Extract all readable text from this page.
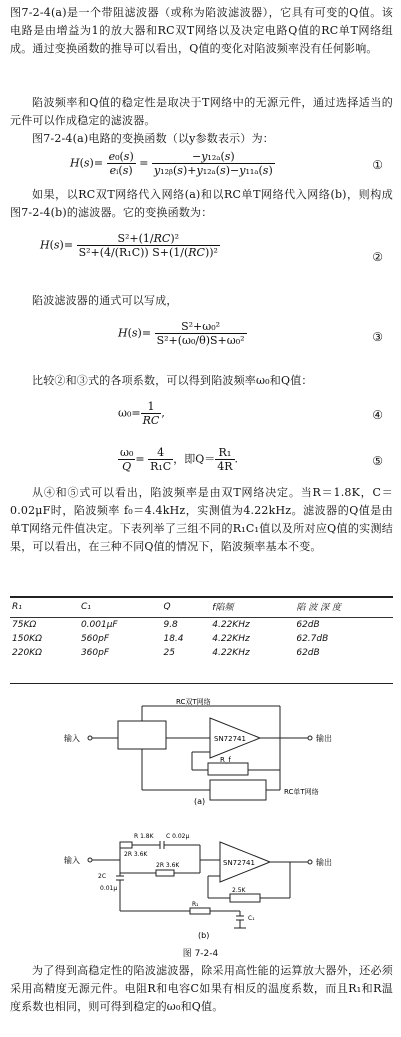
图7-2-4(a)是一个带阻滤波器（或称为陷波滤波器），它具有可变的Q值。该电路是由增益为1的放大器和RC双T网络以及决定电路Q值的RC单T网络组成。通过变换函数的推导可以看出，Q值的变化对陷波频率没有任何影响。
陷波频率和Q值的稳定性是取决于T网络中的无源元件，通过选择适当的元件可以作成稳定的滤波器。
图7-2-4(a)电路的变换函数（以y参数表示）为：
$H(s)= \frac{\text{e₀(s)}}{\text{eᵢ(s)}} = \frac{\text{−y₁₂ₐ(s)}}{\text{y₁₂ᵦ(s)+y₁₂ₐ(s)−y₁₁ₐ(s)}}$	①
如果，以RC双T网络代入网络(a)和以RC单T网络代入网络(b)，则构成图7-2-4(b)的滤波器。它的变换函数为：
$H(s)= \frac{\text{S²+(1/RC)²}}{\text{S²+(4/(R₁C)) S+(1/(RC))²}}$	②
陷波滤波器的通式可以写成，
$H(s)= \frac{\text{S²+ω₀²}}{\text{S²+(ω₀/θ)S+ω₀²}}$	③
比较②和③式的各项系数，可以得到陷波频率ω₀和Q值：
$\omega_0= \frac{1}{RC}$ ,	④
$\frac{\text{ω₀}}{Q} = \frac{4}{\text{R₁C}}$ ，即$Q= \frac{\text{R₁}}{4R}$ .	⑤
从④和⑤式可以看出，陷波频率是由双T网络决定。当R＝1.8K，C＝0.02μF时，陷波频率 f₀＝4.4kHz，实测值为4.22kHz。滤波器的Q值是由单T网络元件值决定。下表列举了三组不同的R₁C₁值以及所对应Q值的实测结果，可以看出，在三种不同Q值的情况下，陷波频率基本不变。
R₁	C₁	Q	f陷频	陷 波 深 度
75KΩ	0.001μF	9.8	4.22KHz	62dB
150KΩ	560pF	18.4	4.22KHz	62.7dB
220KΩ	360pF	25	4.22KHz	62dB
输入	输出
SN72741
RC双T网络
RC单T网络
R_f
(a)
输入	输出
SN72741
R 1.8K C 0.02μ
2C
0.01μ
2R 3.6K
2R 3.6K
2.5K
R₁
C₁
(b)
图 7-2-4
为了得到高稳定性的陷波滤波器，除采用高性能的运算放大器外，还必须采用高精度无源元件。电阻R和电容C如果有相反的温度系数，而且R₁和R温度系数也相同，则可得到稳定的ω₀和Q值。
